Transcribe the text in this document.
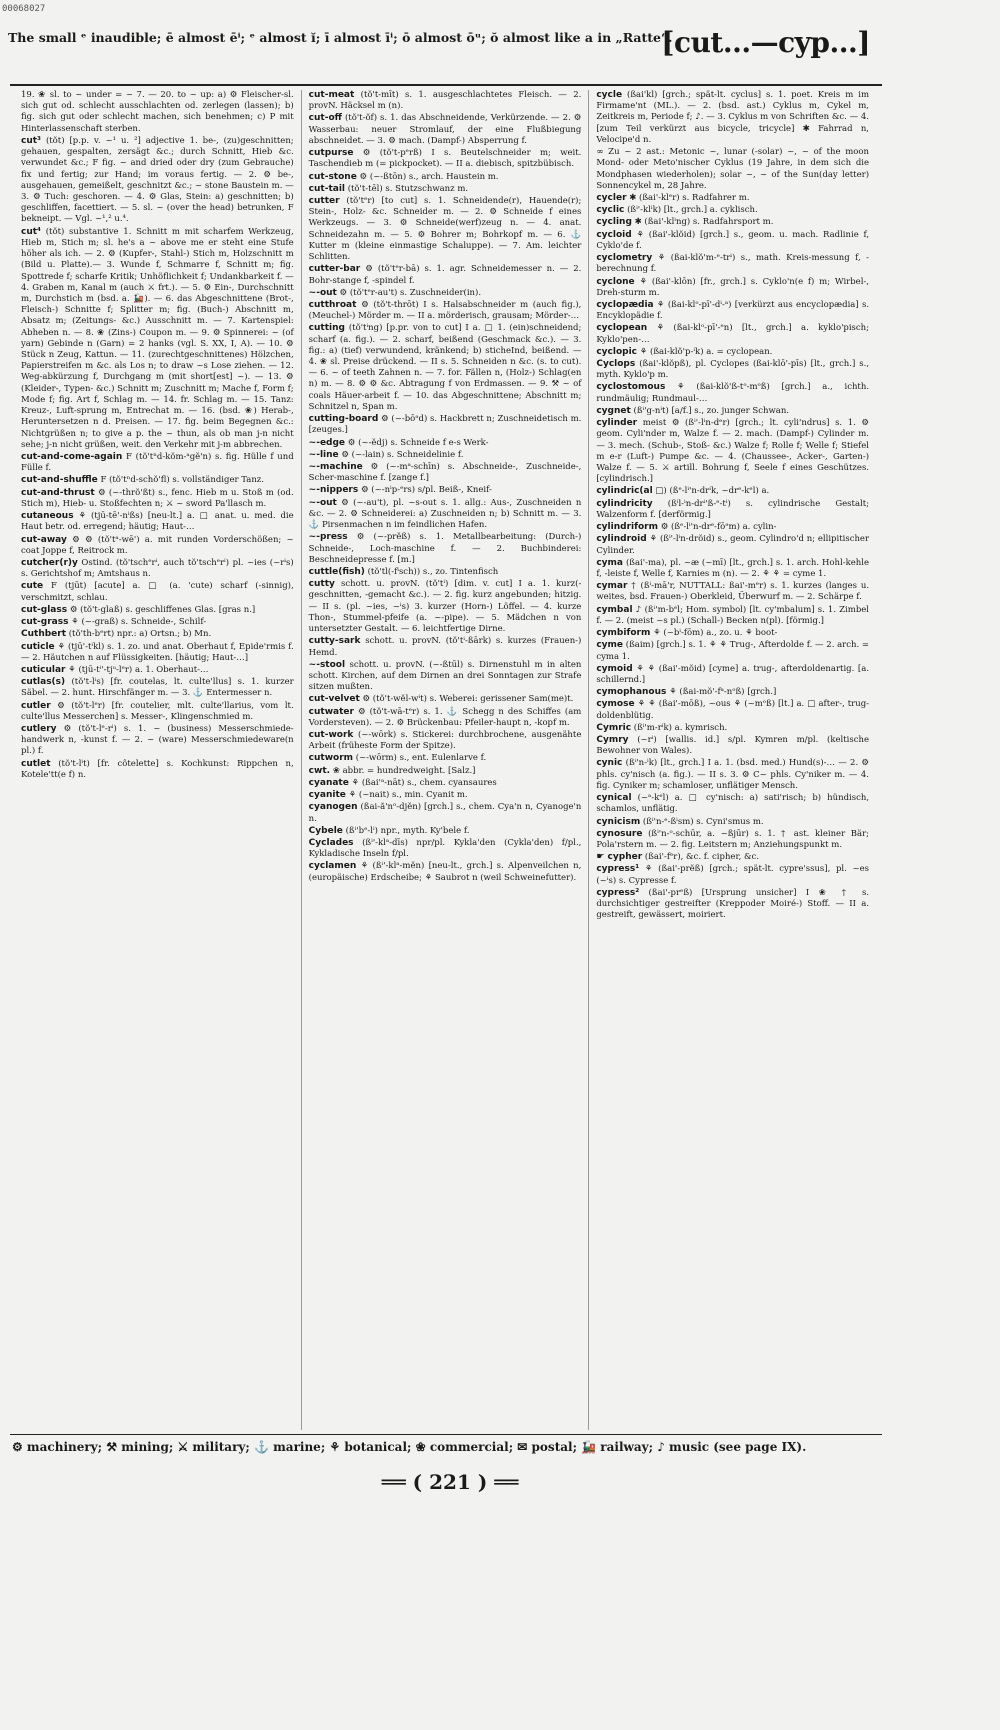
00068027
The small ᵉ inaudible; ē almost ēⁱ; ᵉ almost ĭ; ī almost īⁱ; ō almost ōᵘ; ŏ almost like a in „Ratte“.
[cut...—cyp...]
19. ❀ sl. to ~ under = ~ 7. — 20. to ~ up: a) ⚙ Fleischer-sl. sich gut od. schlecht ausschlachten od. zerlegen (lassen); b) fig. sich gut oder schlecht machen, sich benehmen; c) P mit Hinterlassenschaft sterben.
cut³ (tŏt) [p.p. v. ~¹ u. ²] adjective 1. be-, (zu)geschnitten; gehauen, gespalten, zersägt &c.; durch Schnitt, Hieb &c. verwundet &c.; F fig. ~ and dried oder dry (zum Gebrauche) fix und fertig; zur Hand; im voraus fertig. — 2. ⚙ be-, ausgehauen, gemeißelt, geschnitzt &c.; ~ stone Baustein m. — 3. ⚙ Tuch: geschoren. — 4. ⚙ Glas, Stein: a) geschnitten; b) geschliffen, facettiert. — 5. sl. ~ (over the head) betrunken, F bekneipt. — Vgl. ~¹,² u.⁴.
cut⁴ (tŏt) substantive 1. Schnitt m mit scharfem Werkzeug, Hieb m, Stich m; sl. he's a ~ above me er steht eine Stufe höher als ich. — 2. ⚙ (Kupfer-, Stahl-) Stich m, Holzschnitt m (Bild u. Platte).— 3. Wunde f, Schmarre f, Schnitt m; fig. Spottrede f; scharfe Kritik; Unhöflichkeit f; Undankbarkeit f. — 4. Graben m, Kanal m (auch ⚔ frt.). — 5. ⚙ Ein-, Durchschnitt m, Durchstich m (bsd. a. 🚂). — 6. das Abgeschnittene (Brot-, Fleisch-) Schnitte f; Splitter m; fig. (Buch-) Abschnitt m, Absatz m; (Zeitungs- &c.) Ausschnitt m. — 7. Kartenspiel: Abheben n. — 8. ❀ (Zins-) Coupon m. — 9. ⚙ Spinnerei: ~ (of yarn) Gebinde n (Garn) = 2 hanks (vgl. S. XX, I, A). — 10. ⚙ Stück n Zeug, Kattun. — 11. (zurechtgeschnittenes) Hölzchen, Papierstreifen m &c. als Los n; to draw ~s Lose ziehen. — 12. Weg-abkürzung f, Durchgang m (mit short[est] ~). — 13. ⚙ (Kleider-, Typen- &c.) Schnitt m; Zuschnitt m; Mache f, Form f; Mode f; fig. Art f, Schlag m. — 14. fr. Schlag m. — 15. Tanz: Kreuz-, Luft-sprung m, Entrechat m. — 16. (bsd. ❀) Herab-, Heruntersetzen n d. Preisen. — 17. fig. beim Begegnen &c.: Nichtgrüßen n; to give a p. the ~ thun, als ob man j-n nicht sehe; j-n nicht grüßen, weit. den Verkehr mit j-m abbrechen.
cut-and-come-again F (tŏ'tⁿd-kŏm-ᵃgĕ'n) s. fig. Hülle f und Fülle f.
cut-and-shuffle F (tŏ'tⁿd-schŏ'fl) s. vollständiger Tanz.
cut-and-thrust ⚙ (~-thrŏ'ßt) s., fenc. Hieb m u. Stoß m (od. Stich m), Hieb- u. Stoßfechten n; ⚔ ~ sword Pa'llasch m.
cutaneous ⚘ (tjū-tē'-nⁱßs) [neu-lt.] a. □ anat. u. med. die Haut betr. od. erregend; häutig; Haut-…
cut-away ⚙ ⚙ (tŏ'tᵃ-wē') a. mit runden Vorderschößen; ~ coat Joppe f, Reitrock m.
cutcher(r)y Ostind. (tŏ'tschᵉrⁱ, auch tŏ'tschᵉrⁱ) pl. ~ies (~rⁱs) s. Gerichtshof m; Amtshaus n.
cute F (tjūt) [acute] a. □ (a. 'cute) scharf (-sinnig), verschmitzt, schlau.
cut-glass ⚙ (tŏ't-glaß) s. geschliffenes Glas. [gras n.]
cut-grass ⚘ (~-graß) s. Schneide-, Schilf-
Cuthbert (tŏ'th-bᵉrt) npr.: a) Ortsn.; b) Mn.
cuticle ⚘ (tjū'-tⁱkl) s. 1. zo. und anat. Oberhaut f, Epide'rmis f. — 2. Häutchen n auf Flüssigkeiten. [häutig; Haut-…]
cuticular ⚘ (tjū-tⁱ'-tjᵘ-lᵉr) a. 1. Oberhaut-…
cutlas(s) (tŏ't-lⁱs) [fr. coutelas, lt. culte'llus] s. 1. kurzer Säbel. — 2. hunt. Hirschfänger m. — 3. ⚓ Entermesser n.
cutler ⚙ (tŏ't-lᵉr) [fr. coutelier, mlt. culte'llarius, vom lt. culte'llus Messerchen] s. Messer-, Klingenschmied m.
cutlery ⚙ (tŏ't-lᵉ-rⁱ) s. 1. ~ (business) Messerschmiede-handwerk n, -kunst f. — 2. ~ (ware) Messerschmiedeware(n pl.) f.
cutlet (tŏ't-lⁱt) [fr. côtelette] s. Kochkunst: Rippchen n, Kotele'tt(e f) n.
cut-meat (tŏ't-mīt) s. 1. ausgeschlachtetes Fleisch. — 2. provN. Häcksel m (n).
cut-off (tŏ't-ŏf) s. 1. das Abschneidende, Verkürzende. — 2. ⚙ Wasserbau: neuer Stromlauf, der eine Flußbiegung abschneidet. — 3. ⚙ mach. (Dampf-) Absperrung f.
cutpurse ⚙ (tŏ't-pᵉrß) I s. Beutelschneider m; weit. Taschendieb m (= pickpocket). — II a. diebisch, spitzbübisch.
cut-stone ⚙ (~-ßtōn) s., arch. Haustein m.
cut-tail (tŏ't-tēl) s. Stutzschwanz m.
cutter (tŏ'tᵉr) [to cut] s. 1. Schneidende(r), Hauende(r); Stein-, Holz- &c. Schneider m. — 2. ⚙ Schneide f eines Werkzeugs. — 3. ⚙ Schneide(werf)zeug n. — 4. anat. Schneidezahn m. — 5. ⚙ Bohrer m; Bohrkopf m. — 6. ⚓ Kutter m (kleine einmastige Schaluppe). — 7. Am. leichter Schlitten.
cutter-bar ⚙ (tŏ'tᵉr-bā) s. 1. agr. Schneidemesser n. — 2. Bohr-stange f, -spindel f.
~-out ⚙ (tŏ'tᵉr-au't) s. Zuschneider(in).
cutthroat ⚙ (tŏ't-thrōt) I s. Halsabschneider m (auch fig.), (Meuchel-) Mörder m. — II a. mörderisch, grausam; Mörder-…
cutting (tŏ'tⁱng) [p.pr. von to cut] I a. □ 1. (ein)schneidend; scharf (a. fig.). — 2. scharf, beißend (Geschmack &c.). — 3. fig.: a) (tief) verwundend, kränkend; b) sticheInd, beißend. — 4. ❀ sl. Preise drückend. — II s. 5. Schneiden n &c. (s. to cut). — 6. ~ of teeth Zahnen n. — 7. for. Fällen n, (Holz-) Schlag(en n) m. — 8. ⚙ ⚙ &c. Abtragung f von Erdmassen. — 9. ⚒ ~ of coals Häuer-arbeit f. — 10. das Abgeschnittene; Abschnitt m; Schnitzel n, Span m.
cutting-board ⚙ (~-bōᵊd) s. Hackbrett n; Zuschneidetisch m. [zeuges.]
~-edge ⚙ (~-ĕdj) s. Schneide f e-s Werk-
~-line ⚙ (~-lain) s. Schneidelinie f.
~-machine ⚙ (~-mᵃ-schīn) s. Abschneide-, Zuschneide-, Scher-maschine f. [zange f.]
~-nippers ⚙ (~-nⁱp-ᵉrs) s/pl. Beiß-, Kneif-
~-out ⚙ (~-au't), pl. ~s-out s. 1. allg.: Aus-, Zuschneiden n &c. — 2. ⚙ Schneiderei: a) Zuschneiden n; b) Schnitt m. — 3. ⚓ Pirsenmachen n im feindlichen Hafen.
~-press ⚙ (~-prĕß) s. 1. Metallbearbeitung: (Durch-) Schneide-, Loch-maschine f. — 2. Buchbinderei: Beschneidepresse f. [m.]
cuttle(fish) (tŏ'tl(-fⁱsch)) s., zo. Tintenfisch
cutty schott. u. provN. (tŏ'tⁱ) [dim. v. cut] I a. 1. kurz(-geschnitten, -gemacht &c.). — 2. fig. kurz angebunden; hitzig. — II s. (pl. ~ies, ~ⁱs) 3. kurzer (Horn-) Löffel. — 4. kurze Thon-, Stummel-pfeife (a. ~-pipe). — 5. Mädchen n von untersetzter Gestalt. — 6. leichtfertige Dirne.
cutty-sark schott. u. provN. (tŏ'tⁱ-ßārk) s. kurzes (Frauen-) Hemd.
~-stool schott. u. provN. (~-ßtūl) s. Dirnenstuhl m in alten schott. Kirchen, auf dem Dirnen an drei Sonntagen zur Strafe sitzen mußten.
cut-velvet ⚙ (tŏ't-wĕl-wⁱt) s. Weberei: gerissener Sam(me)t.
cutwater ⚙ (tŏ't-wā-tᵉr) s. 1. ⚓ Schegg n des Schiffes (am Vordersteven). — 2. ⚙ Brückenbau: Pfeiler-haupt n, -kopf m.
cut-work (~-wōrk) s. Stickerei: durchbrochene, ausgenähte Arbeit (früheste Form der Spitze).
cutworm (~-wōrm) s., ent. Eulenlarve f.
cwt. ❀ abbr. = hundredweight. [Salz.]
cyanate ⚘ (ßai'ᵃ-nāt) s., chem. cyansaures
cyanite ⚘ (~nait) s., min. Cyanit m.
cyanogen (ßai-ă'nᵒ-djĕn) [grch.] s., chem. Cya'n n, Cyanoge'n n.
Cybele (ßⁱ'bᵉ-lⁱ) npr., myth. Ky'bele f.
Cyclades (ßⁱ'-klᵃ-dīs) npr/pl. Kykla'den (Cykla'den) f/pl., Kykladische Inseln f/pl.
cyclamen ⚘ (ßⁱ'-klᵃ-mĕn) [neu-lt., grch.] s. Alpenveilchen n, (europäische) Erdscheibe; ⚘ Saubrot n (weil Schweinefutter).
cycle (ßai'kl) [grch.; spät-lt. cyclus] s. 1. poet. Kreis m im Firmame'nt (ML.). — 2. (bsd. ast.) Cyklus m, Cykel m, Zeitkreis m, Periode f; ♪. — 3. Cyklus m von Schriften &c. — 4. [zum Teil verkürzt aus bicycle, tricycle] ✱ Fahrrad n, Velocipe'd n.
∞ Zu ~ 2 ast.: Metonic ~, lunar (-solar) ~, ~ of the moon Mond- oder Meto'nischer Cyklus (19 Jahre, in dem sich die Mondphasen wiederholen); solar ~, ~ of the Sun(day letter) Sonnencykel m, 28 Jahre.
cycler ✱ (ßai'-klᵉr) s. Radfahrer m.
cyclic (ßⁱ'-klⁱk) [lt., grch.] a. cyklisch.
cycling ✱ (ßai'-klⁱng) s. Radfahrsport m.
cycloid ⚘ (ßai'-klŏid) [grch.] s., geom. u. mach. Radlinie f, Cyklo'de f.
cyclometry ⚘ (ßai-klŏ'm-ᵉ-trⁱ) s., math. Kreis-messung f, -berechnung f.
cyclone ⚘ (ßai'-klōn) [fr., grch.] s. Cyklo'n(e f) m; Wirbel-, Dreh-sturm m.
cyclopædia ⚘ (ßai-klᵒ-pī'-dⁱ-ᵃ) [verkürzt aus encyclopædia] s. Encyklopädie f.
cyclopean ⚘ (ßai-klᵒ-pī'-ᵉn) [lt., grch.] a. kyklo'pisch; Kyklo'pen-…
cyclopic ⚘ (ßai-klŏ'p-ⁱk) a. = cyclopean.
Cyclops (ßai'-klŏpß), pl. Cyclopes (ßai-klō'-pīs) [lt., grch.] s., myth. Kyklo'p m.
cyclostomous ⚘ (ßai-klŏ'ß-tᵒ-mᵒß) [grch.] a., ichth. rundmäulig; Rundmaul-…
cygnet (ßⁱ'g-nⁱt) [a/f.] s., zo. junger Schwan.
cylinder meist ⚙ (ßⁱ'-lⁱn-dᵉr) [grch.; lt. cyli'ndrus] s. 1. ⚙ geom. Cyli'nder m, Walze f. — 2. mach. (Dampf-) Cylinder m. — 3. mech. (Schub-, Stoß- &c.) Walze f; Rolle f; Welle f; Stiefel m e-r (Luft-) Pumpe &c. — 4. (Chaussee-, Acker-, Garten-) Walze f. — 5. ⚔ artill. Bohrung f, Seele f eines Geschützes. [cylindrisch.]
cylindric(al □) (ßᵉ-lⁱ'n-drⁱk, ~drᵉ-kᵉl) a.
cylindricity (ßⁱl-ⁱn-drⁱ'ß-ᵉ-tⁱ) s. cylindrische Gestalt; Walzenform f. [derförmig.]
cylindriform ⚙ (ßᵉ-lⁱ'n-drᵉ-fōᵊm) a. cylin-
cylindroid ⚘ (ßⁱ'-lⁱn-drŏid) s., geom. Cylindro'd n; ellipitischer Cylinder.
cyma (ßai'-ma), pl. ~æ (~mī) [lt., grch.] s. 1. arch. Hohl-kehle f, -leiste f, Welle f, Karnies m (n). — 2. ⚘ ⚘ = cyme 1.
cymar † (ßⁱ-mā'r, NUTTALL: ßai'-mᵉr) s. 1. kurzes (langes u. weites, bsd. Frauen-) Oberkleid, Überwurf m. — 2. Schärpe f.
cymbal ♪ (ßⁱ'm-bᵉl; Hom. symbol) [lt. cy'mbalum] s. 1. Zimbel f. — 2. (meist ~s pl.) (Schall-) Becken n(pl). [förmig.]
cymbiform ⚘ (~bⁱ-fōm) a., zo. u. ⚘ boot-
cyme (ßaim) [grch.] s. 1. ⚘ ⚘ Trug-, Afterdolde f. — 2. arch. = cyma 1.
cymoid ⚘ ⚘ (ßai'-mŏid) [cyme] a. trug-, afterdoldenartig. [a. schillernd.]
cymophanous ⚘ (ßai-mŏ'-fᵃ-nᵒß) [grch.]
cymose ⚘ ⚘ (ßai'-mōß), ~ous ⚘ (~mᵒß) [lt.] a. □ after-, trug-doldenblütig.
Cymric (ßⁱ'm-rⁱk) a. kymrisch.
Cymry (~rⁱ) [wallis. id.] s/pl. Kymren m/pl. (keltische Bewohner von Wales).
cynic (ßⁱ'n-ⁱk) [lt., grch.] I a. 1. (bsd. med.) Hund(s)-… — 2. ⚙ phls. cy'nisch (a. fig.). — II s. 3. ⚙ C~ phls. Cy'niker m. — 4. fig. Cyniker m; schamloser, unflätiger Mensch.
cynical (~ᵃ-kᵉl) a. □ cy'nisch: a) sati'risch; b) hündisch, schamlos, unflätig.
cynicism (ßⁱ'n-ᵉ-ßⁱsm) s. Cyni'smus m.
cynosure (ßⁱ'n-ᵒ-schūr, a. ~ßjūr) s. 1. † ast. kleiner Bär; Pola'rstern m. — 2. fig. Leitstern m; Anziehungspunkt m.
☛ cypher (ßai'-fᵉr), &c. f. cipher, &c.
cypress¹ ⚘ (ßai'-prĕß) [grch.; spät-lt. cypre'ssus], pl. ~es (~ⁱs) s. Cypresse f.
cypress² (ßai'-prᵉß) [Ursprung unsicher] I ❀ † s. durchsichtiger gestreifter (Kreppoder Moiré-) Stoff. — II a. gestreift, gewässert, moiriert.
⚙ machinery; ⚒ mining; ⚔ military; ⚓ marine; ⚘ botanical; ❀ commercial; ✉ postal; 🚂 railway; ♪ music (see page IX).
══ ( 221 ) ══
